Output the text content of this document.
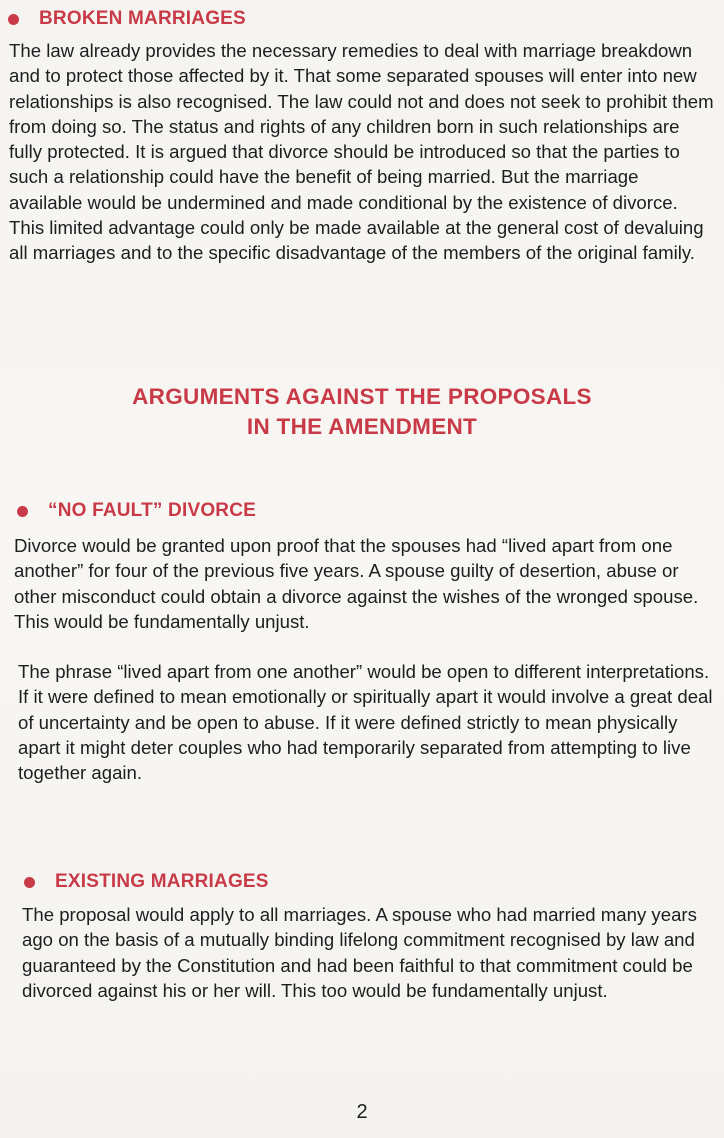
BROKEN MARRIAGES

The law already provides the necessary remedies to deal with marriage breakdown and to protect those affected by it. That some separated spouses will enter into new relationships is also recognised. The law could not and does not seek to prohibit them from doing so. The status and rights of any children born in such relationships are fully protected. It is argued that divorce should be introduced so that the parties to such a relationship could have the benefit of being married. But the marriage available would be undermined and made conditional by the existence of divorce. This limited advantage could only be made available at the general cost of devaluing all marriages and to the specific disadvantage of the members of the original family.

ARGUMENTS AGAINST THE PROPOSALS
IN THE AMENDMENT
“NO FAULT” DIVORCE

Divorce would be granted upon proof that the spouses had “lived apart from one another” for four of the previous five years. A spouse guilty of desertion, abuse or other misconduct could obtain a divorce against the wishes of the wronged spouse. This would be fundamentally unjust.

The phrase “lived apart from one another” would be open to different interpretations. If it were defined to mean emotionally or spiritually apart it would involve a great deal of uncertainty and be open to abuse. If it were defined strictly to mean physically apart it might deter couples who had temporarily separated from attempting to live together again.

EXISTING MARRIAGES

The proposal would apply to all marriages. A spouse who had married many years ago on the basis of a mutually binding lifelong commitment recognised by law and guaranteed by the Constitution and had been faithful to that commitment could be divorced against his or her will. This too would be fundamentally unjust.

2
